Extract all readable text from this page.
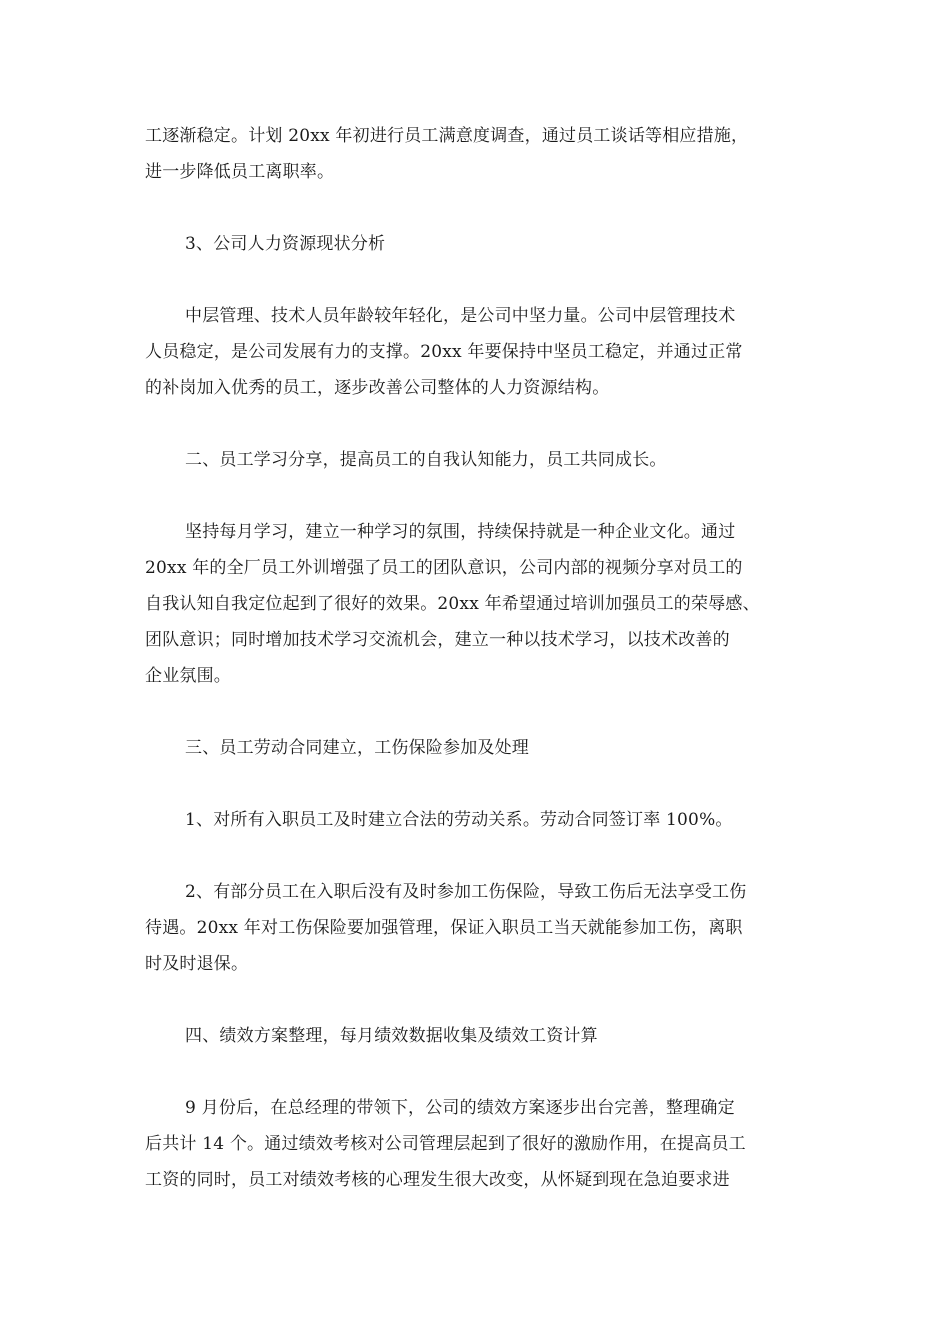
工逐渐稳定。计划 20xx 年初进行员工满意度调查，通过员工谈话等相应措施，
进一步降低员工离职率。

3、公司人力资源现状分析

中层管理、技术人员年龄较年轻化，是公司中坚力量。公司中层管理技术
人员稳定，是公司发展有力的支撑。20xx 年要保持中坚员工稳定，并通过正常
的补岗加入优秀的员工，逐步改善公司整体的人力资源结构。

二、员工学习分享，提高员工的自我认知能力，员工共同成长。

坚持每月学习，建立一种学习的氛围，持续保持就是一种企业文化。通过
20xx 年的全厂员工外训增强了员工的团队意识，公司内部的视频分享对员工的
自我认知自我定位起到了很好的效果。20xx 年希望通过培训加强员工的荣辱感、
团队意识；同时增加技术学习交流机会，建立一种以技术学习，以技术改善的
企业氛围。

三、员工劳动合同建立，工伤保险参加及处理

1、对所有入职员工及时建立合法的劳动关系。劳动合同签订率 100%。

2、有部分员工在入职后没有及时参加工伤保险，导致工伤后无法享受工伤
待遇。20xx 年对工伤保险要加强管理，保证入职员工当天就能参加工伤，离职
时及时退保。

四、绩效方案整理，每月绩效数据收集及绩效工资计算

9 月份后，在总经理的带领下，公司的绩效方案逐步出台完善，整理确定
后共计 14 个。通过绩效考核对公司管理层起到了很好的激励作用，在提高员工
工资的同时，员工对绩效考核的心理发生很大改变，从怀疑到现在急迫要求进
